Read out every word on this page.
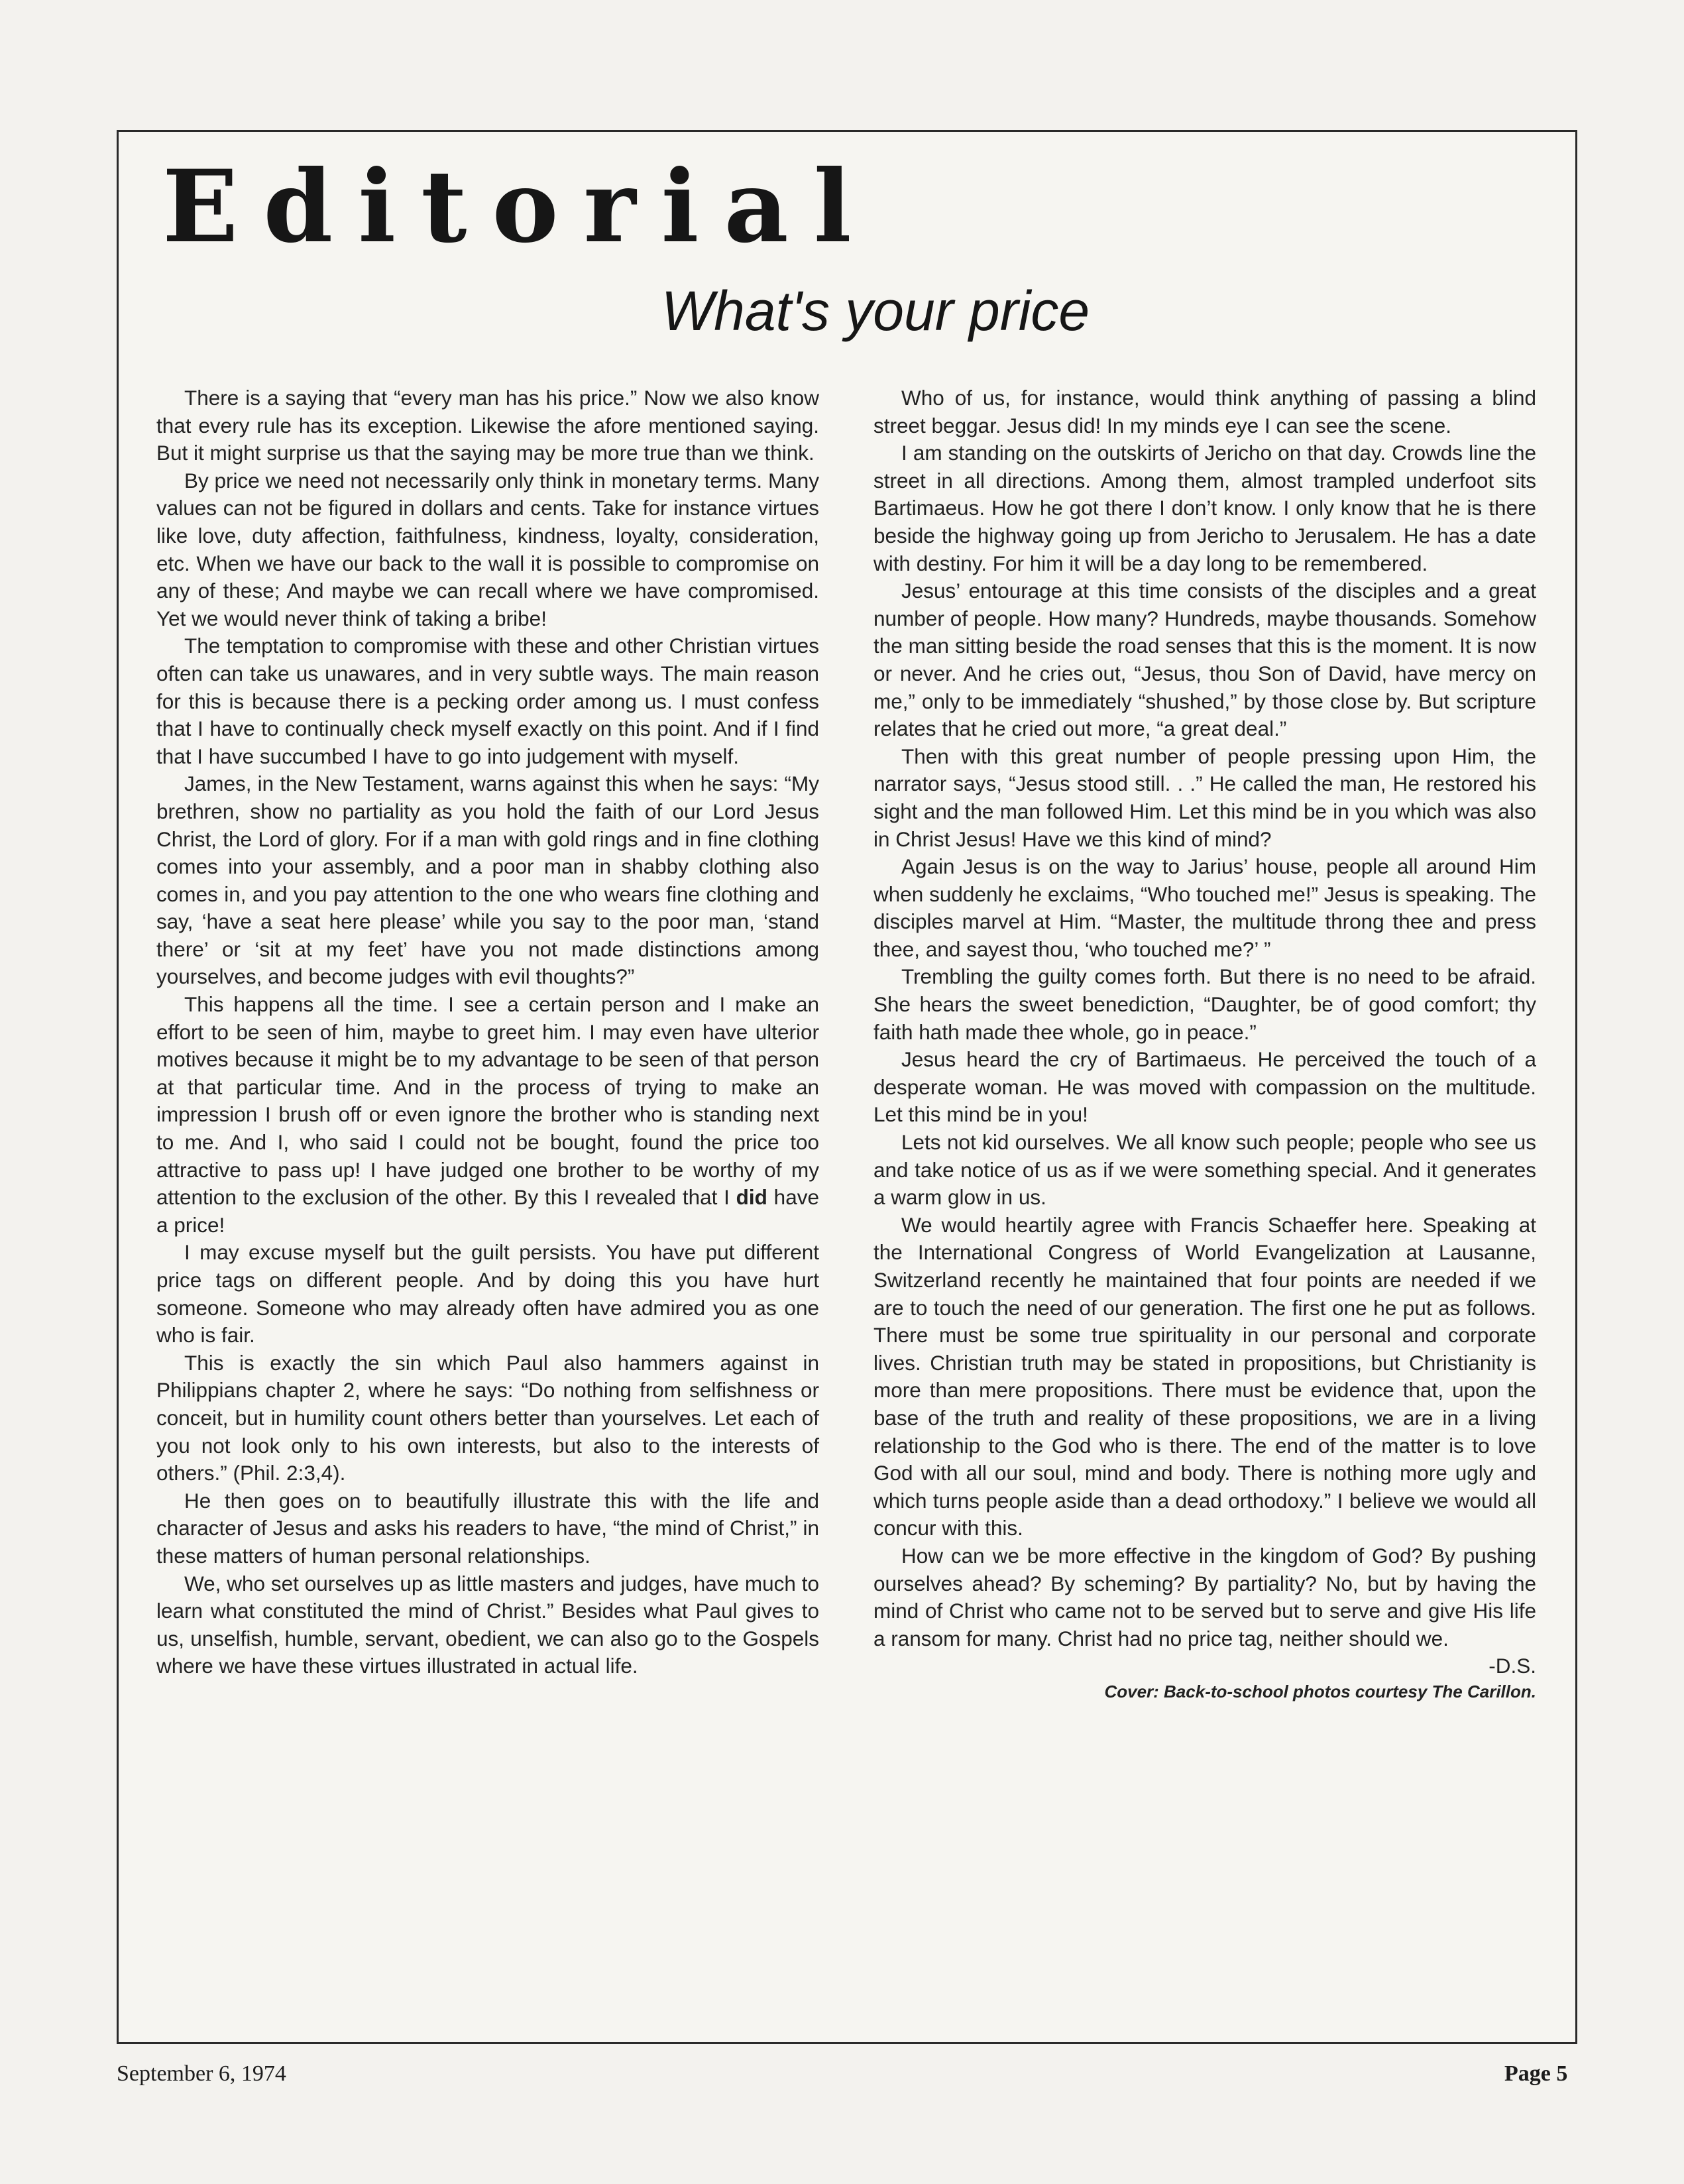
Editorial
What's your price

There is a saying that “every man has his price.” Now we also know that every rule has its exception. Likewise the afore mentioned saying. But it might surprise us that the saying may be more true than we think.

By price we need not necessarily only think in monetary terms. Many values can not be figured in dollars and cents. Take for instance virtues like love, duty affection, faithfulness, kindness, loyalty, consideration, etc. When we have our back to the wall it is possible to compromise on any of these; And maybe we can recall where we have compromised. Yet we would never think of taking a bribe!

The temptation to compromise with these and other Christian virtues often can take us unawares, and in very subtle ways. The main reason for this is because there is a pecking order among us. I must confess that I have to continually check myself exactly on this point. And if I find that I have succumbed I have to go into judgement with myself.

James, in the New Testament, warns against this when he says: “My brethren, show no partiality as you hold the faith of our Lord Jesus Christ, the Lord of glory. For if a man with gold rings and in fine clothing comes into your assembly, and a poor man in shabby clothing also comes in, and you pay attention to the one who wears fine clothing and say, ‘have a seat here please’ while you say to the poor man, ‘stand there’ or ‘sit at my feet’ have you not made distinctions among yourselves, and become judges with evil thoughts?”

This happens all the time. I see a certain person and I make an effort to be seen of him, maybe to greet him. I may even have ulterior motives because it might be to my advantage to be seen of that person at that particular time. And in the process of trying to make an impression I brush off or even ignore the brother who is standing next to me. And I, who said I could not be bought, found the price too attractive to pass up! I have judged one brother to be worthy of my attention to the exclusion of the other. By this I revealed that I did have a price!

I may excuse myself but the guilt persists. You have put different price tags on different people. And by doing this you have hurt someone. Someone who may already often have admired you as one who is fair.

This is exactly the sin which Paul also hammers against in Philippians chapter 2, where he says: “Do nothing from selfishness or conceit, but in humility count others better than yourselves. Let each of you not look only to his own interests, but also to the interests of others.” (Phil. 2:3,4).

He then goes on to beautifully illustrate this with the life and character of Jesus and asks his readers to have, “the mind of Christ,” in these matters of human personal relationships.

We, who set ourselves up as little masters and judges, have much to learn what constituted the mind of Christ.” Besides what Paul gives to us, unselfish, humble, servant, obedient, we can also go to the Gospels where we have these virtues illustrated in actual life.

Who of us, for instance, would think anything of passing a blind street beggar. Jesus did! In my minds eye I can see the scene.

I am standing on the outskirts of Jericho on that day. Crowds line the street in all directions. Among them, almost trampled underfoot sits Bartimaeus. How he got there I don’t know. I only know that he is there beside the highway going up from Jericho to Jerusalem. He has a date with destiny. For him it will be a day long to be remembered.

Jesus’ entourage at this time consists of the disciples and a great number of people. How many? Hundreds, maybe thousands. Somehow the man sitting beside the road senses that this is the moment. It is now or never. And he cries out, “Jesus, thou Son of David, have mercy on me,” only to be immediately “shushed,” by those close by. But scripture relates that he cried out more, “a great deal.”

Then with this great number of people pressing upon Him, the narrator says, “Jesus stood still. . .” He called the man, He restored his sight and the man followed Him. Let this mind be in you which was also in Christ Jesus! Have we this kind of mind?

Again Jesus is on the way to Jarius’ house, people all around Him when suddenly he exclaims, “Who touched me!” Jesus is speaking. The disciples marvel at Him. “Master, the multitude throng thee and press thee, and sayest thou, ‘who touched me?’ ”

Trembling the guilty comes forth. But there is no need to be afraid. She hears the sweet benediction, “Daughter, be of good comfort; thy faith hath made thee whole, go in peace.”

Jesus heard the cry of Bartimaeus. He perceived the touch of a desperate woman. He was moved with compassion on the multitude. Let this mind be in you!

Lets not kid ourselves. We all know such people; people who see us and take notice of us as if we were something special. And it generates a warm glow in us.

We would heartily agree with Francis Schaeffer here. Speaking at the International Congress of World Evangelization at Lausanne, Switzerland recently he maintained that four points are needed if we are to touch the need of our generation. The first one he put as follows. There must be some true spirituality in our personal and corporate lives. Christian truth may be stated in propositions, but Christianity is more than mere propositions. There must be evidence that, upon the base of the truth and reality of these propositions, we are in a living relationship to the God who is there. The end of the matter is to love God with all our soul, mind and body. There is nothing more ugly and which turns people aside than a dead orthodoxy.” I believe we would all concur with this.

How can we be more effective in the kingdom of God? By pushing ourselves ahead? By scheming? By partiality? No, but by having the mind of Christ who came not to be served but to serve and give His life a ransom for many. Christ had no price tag, neither should we.

-D.S.

Cover: Back-to-school photos courtesy The Carillon.

September 6, 1974	Page 5
